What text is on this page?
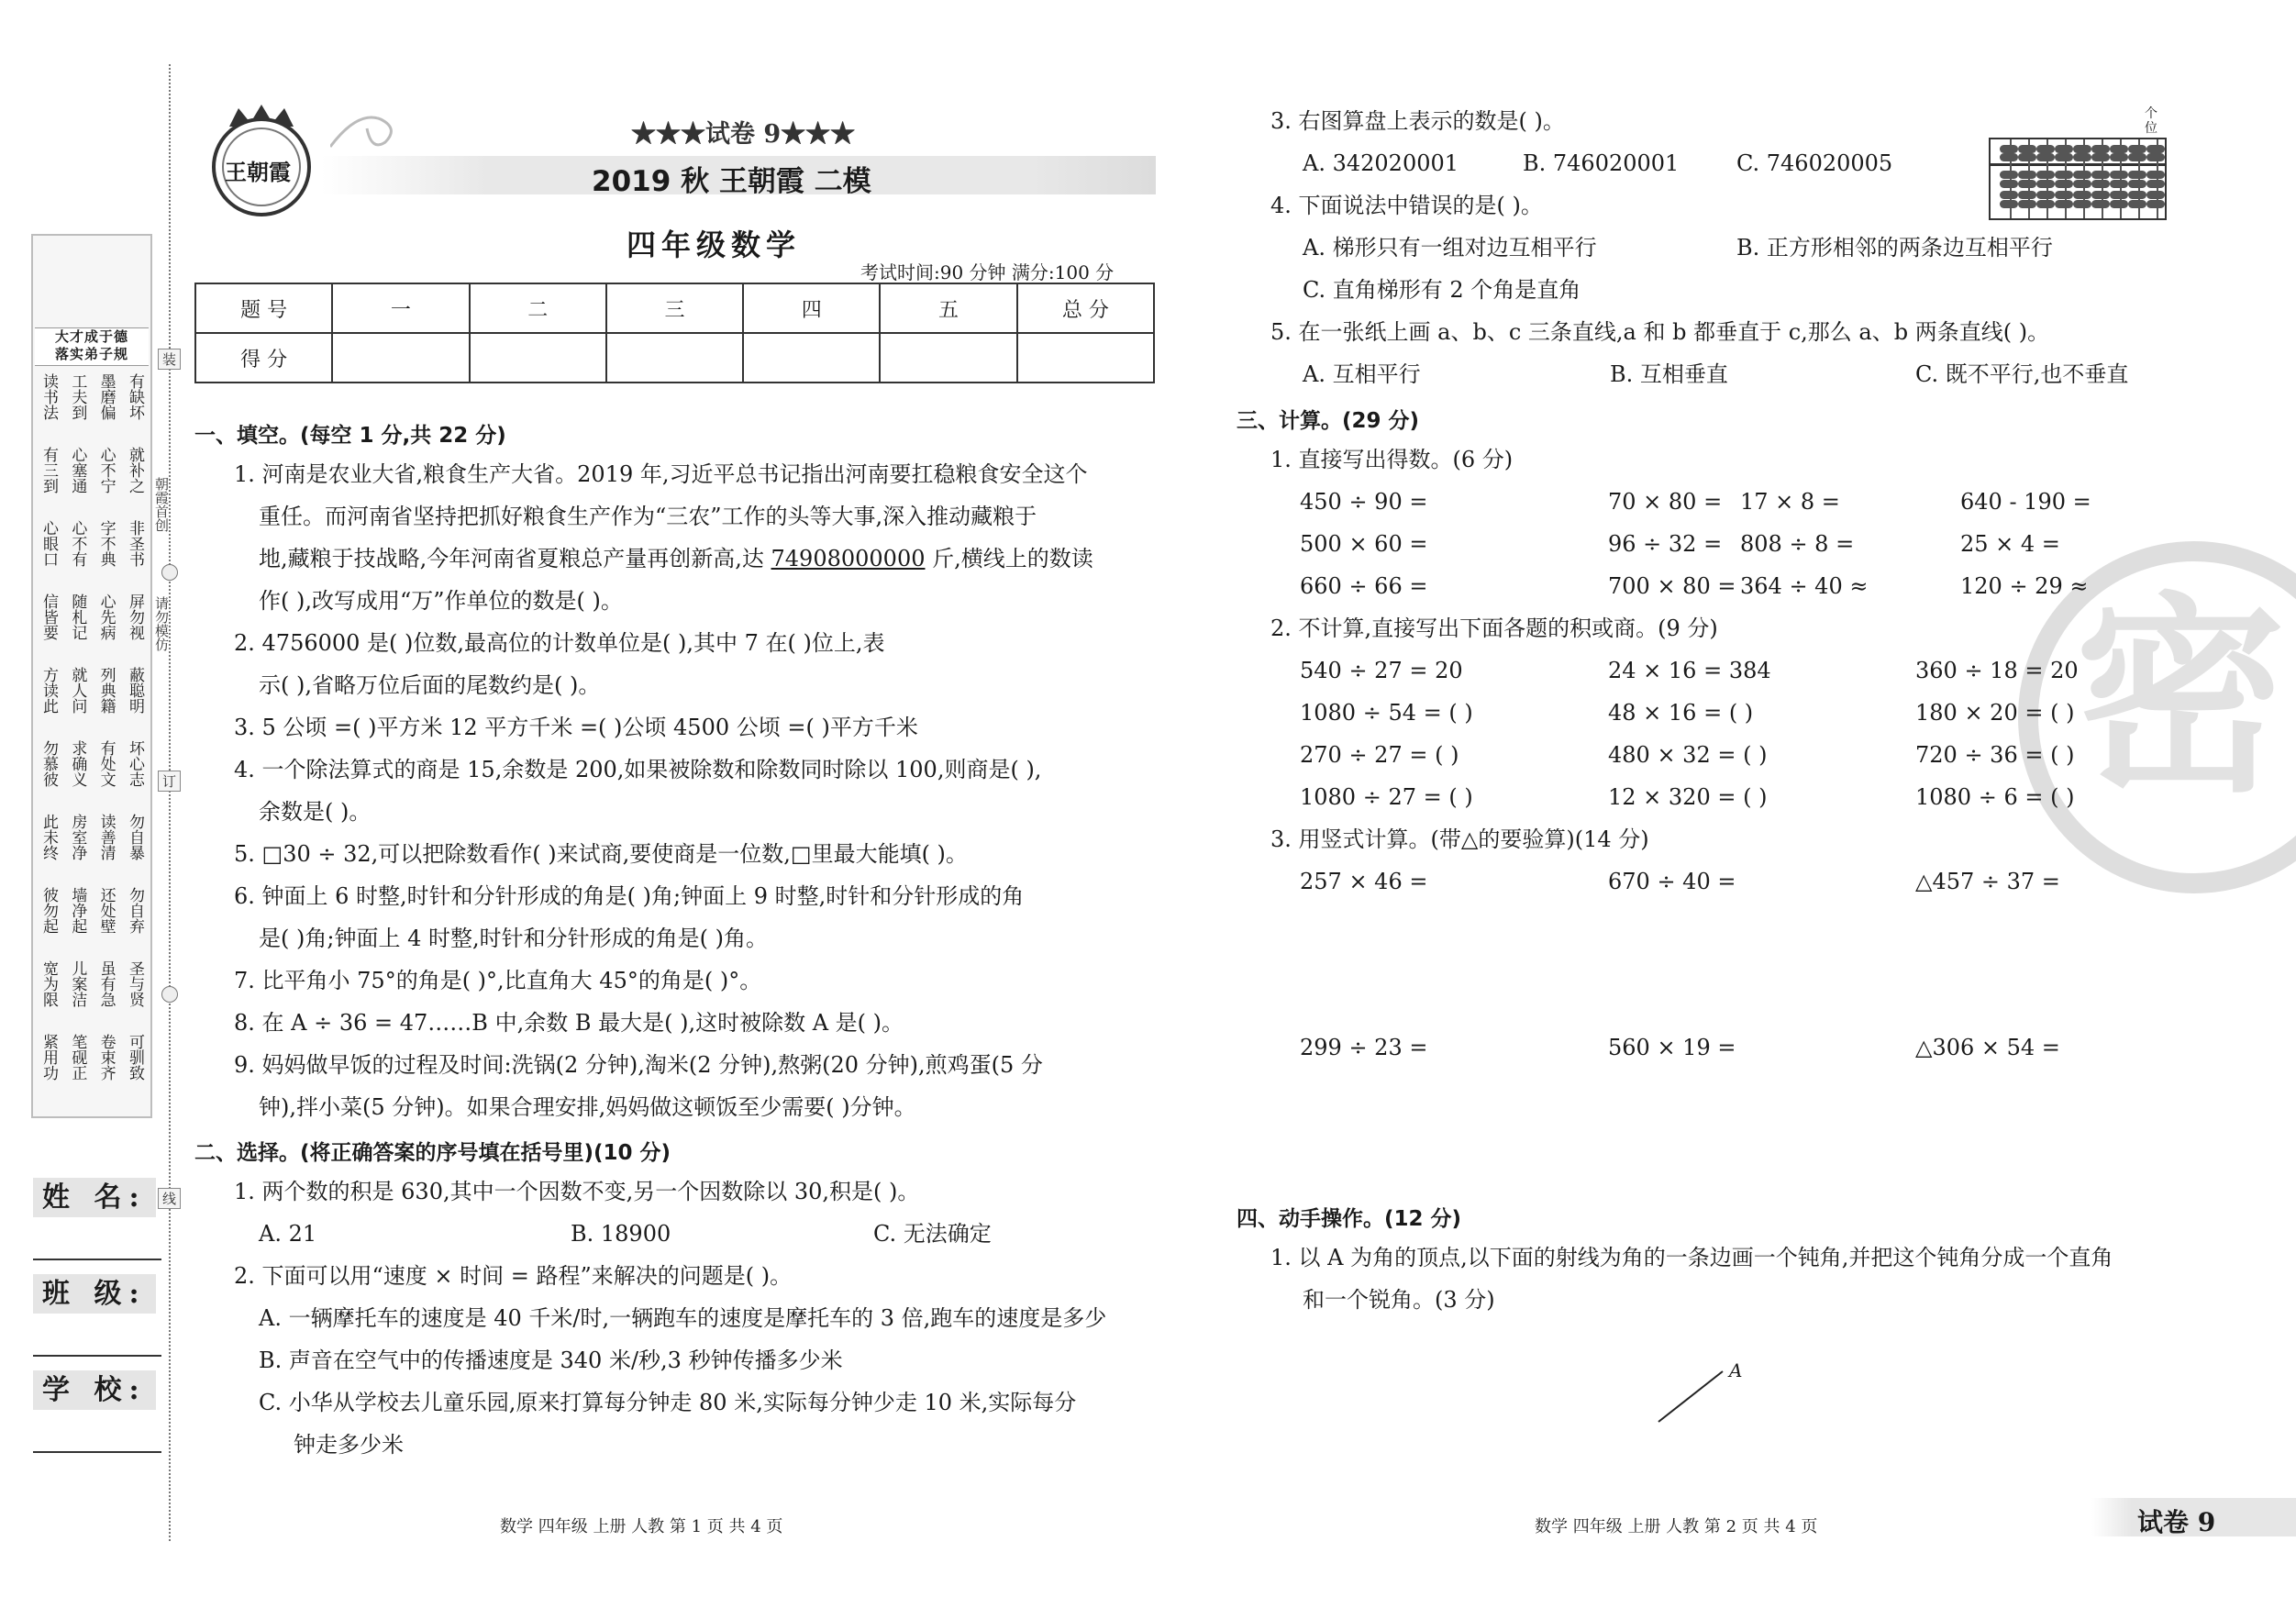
大才成于德
落实弟子规
有缺坏
墨磨偏
工夫到
读书法
就补之
心不宁
心塞通
有三到
非圣书
字不典
心不有
心眼口
屏勿视
心先病
随札记
信皆要
蔽聪明
列典籍
就人问
方读此
坏心志
有处文
求确义
勿慕彼
勿自暴
读善清
房室净
此未终
勿自弃
还处壁
墙净起
彼勿起
圣与贤
虽有急
儿案洁
宽为限
可驯致
卷束齐
笔砚正
紧用功
姓 名:
班 级:
学 校:
装
订
线
朝霞首创
请勿模仿
王朝霞
★★★试卷 9★★★
2019 秋 王朝霞 二模
四年级数学
考试时间:90 分钟 满分:100 分
题 号	一	二	三	四	五	总 分
得 分						
一、填空。(每空 1 分,共 22 分)
1. 河南是农业大省,粮食生产大省。2019 年,习近平总书记指出河南要扛稳粮食安全这个
重任。而河南省坚持把抓好粮食生产作为“三农”工作的头等大事,深入推动藏粮于
地,藏粮于技战略,今年河南省夏粮总产量再创新高,达 74908000000 斤,横线上的数读
作( ),改写成用“万”作单位的数是( )。
2. 4756000 是( )位数,最高位的计数单位是( ),其中 7 在( )位上,表
示( ),省略万位后面的尾数约是( )。
3. 5 公顷 =( )平方米 12 平方千米 =( )公顷 4500 公顷 =( )平方千米
4. 一个除法算式的商是 15,余数是 200,如果被除数和除数同时除以 100,则商是( ),
余数是( )。
5. □30 ÷ 32,可以把除数看作( )来试商,要使商是一位数,□里最大能填( )。
6. 钟面上 6 时整,时针和分针形成的角是( )角;钟面上 9 时整,时针和分针形成的角
是( )角;钟面上 4 时整,时针和分针形成的角是( )角。
7. 比平角小 75°的角是( )°,比直角大 45°的角是( )°。
8. 在 A ÷ 36 = 47……B 中,余数 B 最大是( ),这时被除数 A 是( )。
9. 妈妈做早饭的过程及时间:洗锅(2 分钟),淘米(2 分钟),熬粥(20 分钟),煎鸡蛋(5 分
钟),拌小菜(5 分钟)。如果合理安排,妈妈做这顿饭至少需要( )分钟。
二、选择。(将正确答案的序号填在括号里)(10 分)
1. 两个数的积是 630,其中一个因数不变,另一个因数除以 30,积是( )。
A. 21	B. 18900	C. 无法确定
2. 下面可以用“速度 × 时间 = 路程”来解决的问题是( )。
A. 一辆摩托车的速度是 40 千米/时,一辆跑车的速度是摩托车的 3 倍,跑车的速度是多少
B. 声音在空气中的传播速度是 340 米/秒,3 秒钟传播多少米
C. 小华从学校去儿童乐园,原来打算每分钟走 80 米,实际每分钟少走 10 米,实际每分
钟走多少米
数学 四年级 上册 人教 第 1 页 共 4 页
3. 右图算盘上表示的数是( )。
A. 342020001	B. 746020001	C. 746020005
个位
4. 下面说法中错误的是( )。
A. 梯形只有一组对边互相平行	B. 正方形相邻的两条边互相平行
C. 直角梯形有 2 个角是直角
5. 在一张纸上画 a、b、c 三条直线,a 和 b 都垂直于 c,那么 a、b 两条直线( )。
A. 互相平行	B. 互相垂直	C. 既不平行,也不垂直
密
三、计算。(29 分)
1. 直接写出得数。(6 分)
450 ÷ 90 =	70 × 80 = 17 × 8 =	640 - 190 =
500 × 60 =	96 ÷ 32 = 808 ÷ 8 =	25 × 4 =
660 ÷ 66 =	700 × 80 = 364 ÷ 40 ≈	120 ÷ 29 ≈
2. 不计算,直接写出下面各题的积或商。(9 分)
540 ÷ 27 = 20	24 × 16 = 384	360 ÷ 18 = 20
1080 ÷ 54 = ( )	48 × 16 = ( )	180 × 20 = ( )
270 ÷ 27 = ( )	480 × 32 = ( )	720 ÷ 36 = ( )
1080 ÷ 27 = ( )	12 × 320 = ( )	1080 ÷ 6 = ( )
3. 用竖式计算。(带△的要验算)(14 分)
257 × 46 =	670 ÷ 40 =	△457 ÷ 37 =
299 ÷ 23 =	560 × 19 =	△306 × 54 =
四、动手操作。(12 分)
1. 以 A 为角的顶点,以下面的射线为角的一条边画一个钝角,并把这个钝角分成一个直角
和一个锐角。(3 分)
A
数学 四年级 上册 人教 第 2 页 共 4 页	试卷 9
